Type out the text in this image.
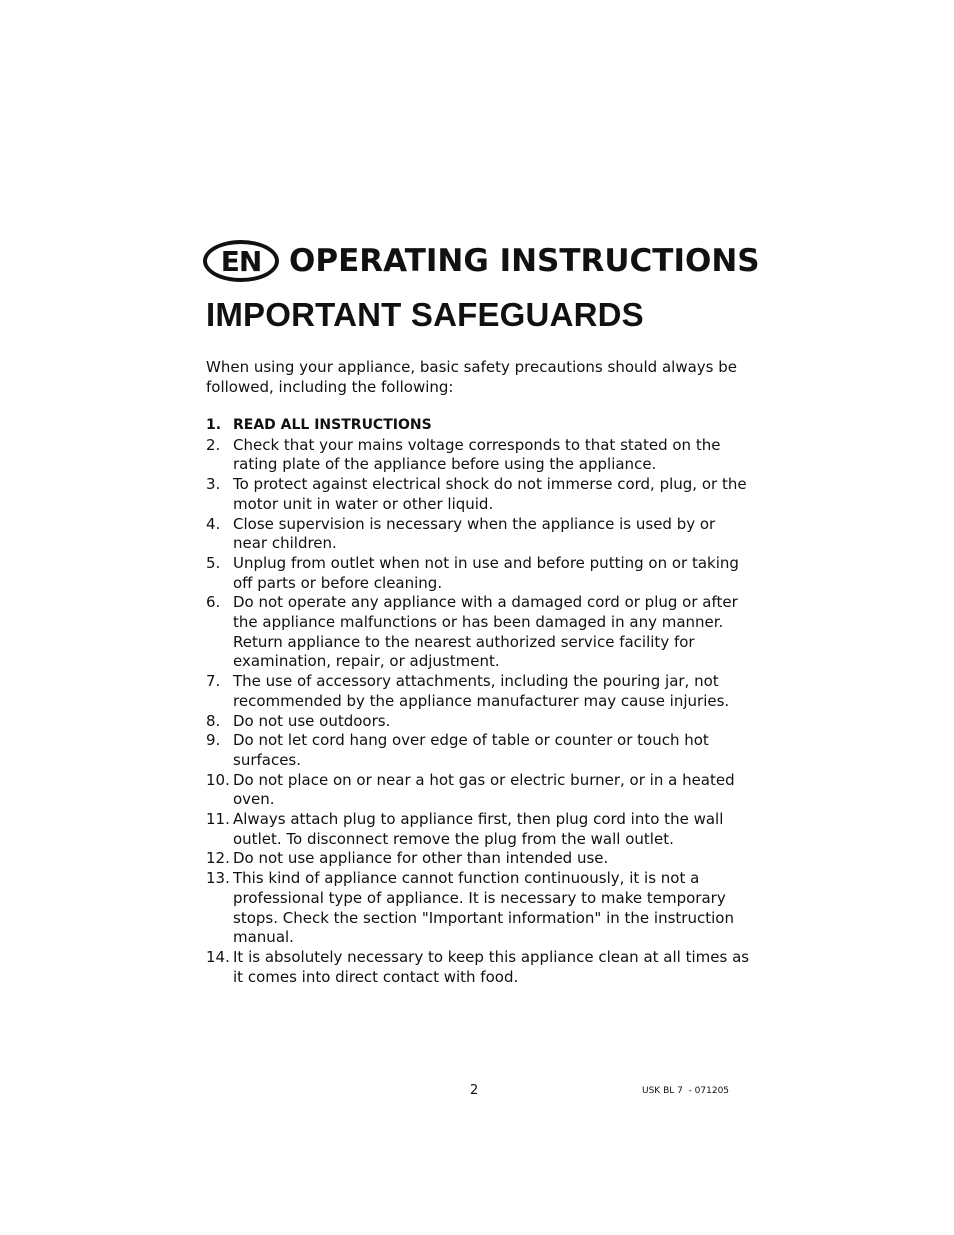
EN OPERATING INSTRUCTIONS
IMPORTANT SAFEGUARDS

When using your appliance, basic safety precautions should always be followed, including the following:

1. READ ALL INSTRUCTIONS
2. Check that your mains voltage corresponds to that stated on the rating plate of the appliance before using the appliance.
3. To protect against electrical shock do not immerse cord, plug, or the motor unit in water or other liquid.
4. Close supervision is necessary when the appliance is used by or near children.
5. Unplug from outlet when not in use and before putting on or taking off parts or before cleaning.
6. Do not operate any appliance with a damaged cord or plug or after the appliance malfunctions or has been damaged in any manner. Return appliance to the nearest authorized service facility for examination, repair, or adjustment.
7. The use of accessory attachments, including the pouring jar, not recommended by the appliance manufacturer may cause injuries.
8. Do not use outdoors.
9. Do not let cord hang over edge of table or counter or touch hot surfaces.
10. Do not place on or near a hot gas or electric burner, or in a heated oven.
11. Always attach plug to appliance first, then plug cord into the wall outlet. To disconnect remove the plug from the wall outlet.
12. Do not use appliance for other than intended use.
13. This kind of appliance cannot function continuously, it is not a professional type of appliance. It is necessary to make temporary stops. Check the section "Important information" in the instruction manual.
14. It is absolutely necessary to keep this appliance clean at all times as it comes into direct contact with food.
2	USK BL 7  - 071205
